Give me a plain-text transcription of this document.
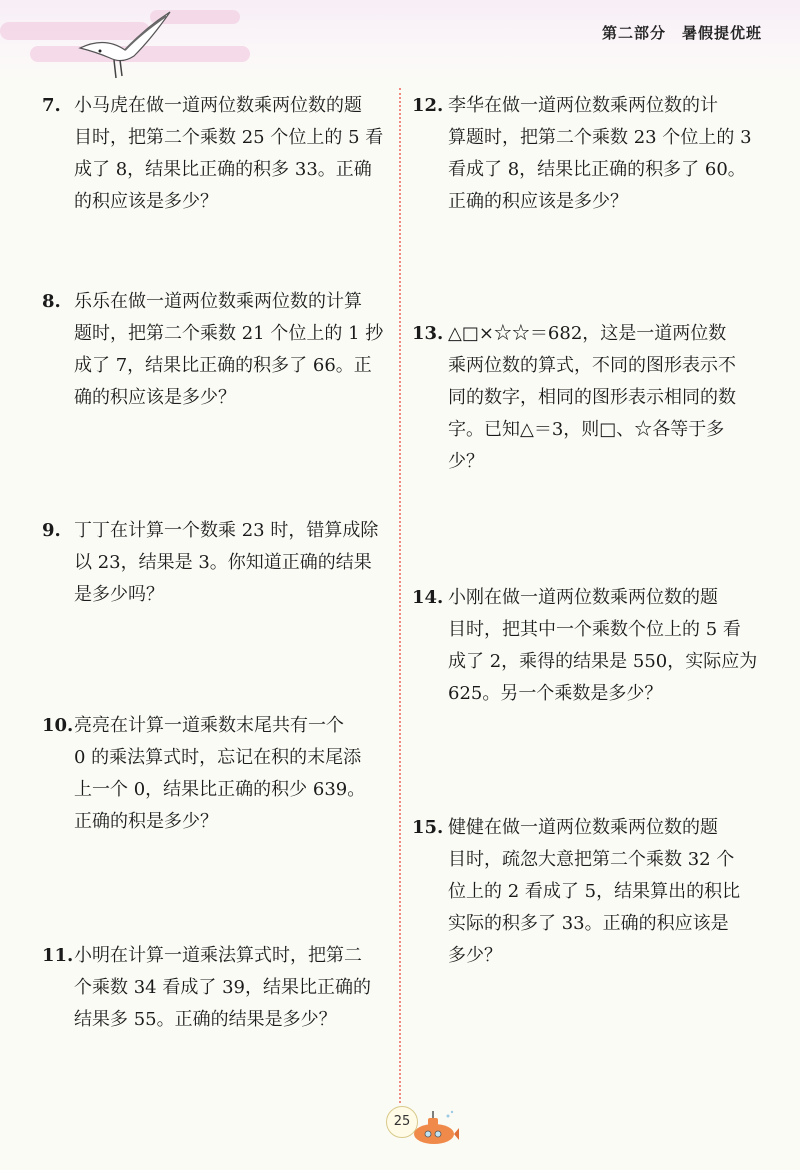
第二部分　暑假提优班
7. 小马虎在做一道两位数乘两位数的题
目时，把第二个乘数 25 个位上的 5 看
成了 8，结果比正确的积多 33。正确
的积应该是多少？
8. 乐乐在做一道两位数乘两位数的计算
题时，把第二个乘数 21 个位上的 1 抄
成了 7，结果比正确的积多了 66。正
确的积应该是多少？
9. 丁丁在计算一个数乘 23 时，错算成除
以 23，结果是 3。你知道正确的结果
是多少吗？
10. 亮亮在计算一道乘数末尾共有一个
0 的乘法算式时，忘记在积的末尾添
上一个 0，结果比正确的积少 639。
正确的积是多少？
11. 小明在计算一道乘法算式时，把第二
个乘数 34 看成了 39，结果比正确的
结果多 55。正确的结果是多少？
12. 李华在做一道两位数乘两位数的计
算题时，把第二个乘数 23 个位上的 3
看成了 8，结果比正确的积多了 60。
正确的积应该是多少？
13. △□×☆☆＝682，这是一道两位数
乘两位数的算式，不同的图形表示不
同的数字，相同的图形表示相同的数
字。已知△＝3，则□、☆各等于多
少？
14. 小刚在做一道两位数乘两位数的题
目时，把其中一个乘数个位上的 5 看
成了 2，乘得的结果是 550，实际应为
625。另一个乘数是多少？
15. 健健在做一道两位数乘两位数的题
目时，疏忽大意把第二个乘数 32 个
位上的 2 看成了 5，结果算出的积比
实际的积多了 33。正确的积应该是
多少？
25
